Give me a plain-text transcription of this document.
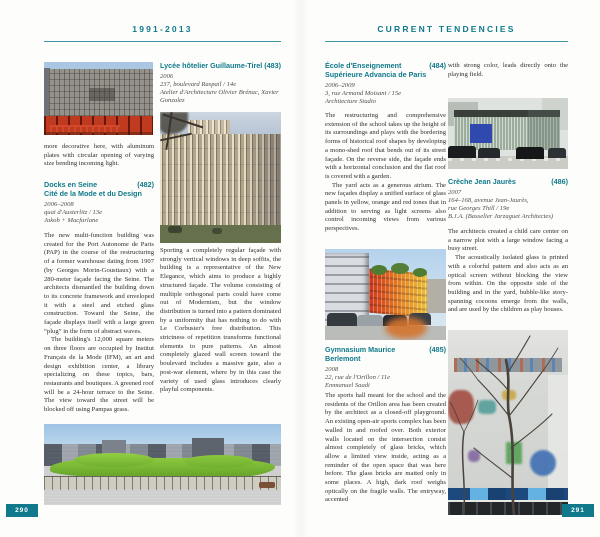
1991-2013	CURRENT TENDENCIES

more decorative here, with aluminum plates with circular opening of varying size bending incoming light.

Docks en Seine	(482)
Cité de la Mode et du Design
2006–2008
quai d'Austerlitz / 13e
Jakob + Macfarlane

The new multi-function building was created for the Port Autonome de Paris (PAP) in the course of the restructuring of a former warehouse dating from 1907 (by Georges Morin-Goustiaux) with a 280-meter façade facing the Seine. The architects dismantled the building down to its concrete framework and enveloped it with a steel and etched glass construction. Toward the Seine, the façade displays itself with a large green “plug” in the form of abstract waves.

The building's 12,000 square meters on three floors are occupied by Institut Français de la Mode (IFM), an art and design exhibition center, a library specializing on these topics, bars, restaurants and boutiques. A greened roof will be a 24-hour terrace to the Seine. The view toward the street will be blocked off using Pampas grass.

290
Lycée hôtelier Guillaume-Tirel (483)
2006
237, boulevard Raspail / 14e
Atelier d'Architecture Olivier Brénac, Xavier Gonzalez

Sporting a completely regular façade with strongly vertical windows in deep soffits, the building is a representative of the New Elegance, which aims to produce a highly structured façade. The volume consisting of multiple orthogonal parts could have come out of Modernism, but the window distribution is turned into a pattern dominated by a uniformity that has nothing to do with Le Corbusier's free distribution. This strictness of repetition transforms functional elements to pure patterns. An almost completely glazed wall screen toward the boulevard includes a massive gate, also a post-war element, where by in this case the variety of used glass introduces clearly playful components.

École d'Enseignement	(484)
Supérieure Advancia de Paris
2006–2009
3, rue Armand Moisant / 15e
Architecture Studio

The restructuring and comprehensive extension of the school takes up the height of its surroundings and plays with the bordering forms of historical roof shapes by developing a mono-shed roof that bends out of its street façade. On the reverse side, the façade ends with a horizontal conclusion and the flat roof is covered with a garden.

The yard acts as a generous atrium. The new façades display a unified surface of glass panels in yellow, orange and red tones that in addition to serving as light screens also control incoming views from various perspectives.

Gymnasium Maurice	(485)
Berlemont
2008
22, rue de l'Orillon / 11e
Emmanuel Saadi

The sports hall meant for the school and the residents of the Orillon area has been created by the architect as a closed-off playground. An existing open-air sports complex has been walled in and roofed over. Both exterior walls located on the intersection consist almost completely of glass bricks, which allow a limited view inside, acting as a reminder of the open space that was here before. The glass bricks are matted only in some places. A high, dark roof weighs optically on the fragile walls. The entryway, accented

with strong color, leads directly onto the playing field.

Crèche Jean Jaurès	(486)
2007
164–168, avenue Jean-Jaurès,
rue Georges Thill / 19e
B.J.A. (Basselier Jarzaguet Architectes)

The architects created a child care center on a narrow plot with a large window facing a busy street.

The acoustically isolated glass is printed with a colorful pattern and also acts as an optical screen without blocking the view from within. On the opposite side of the building and in the yard, bubble-like story-spanning cocoons emerge from the walls, and are used by the children as play houses.

291
